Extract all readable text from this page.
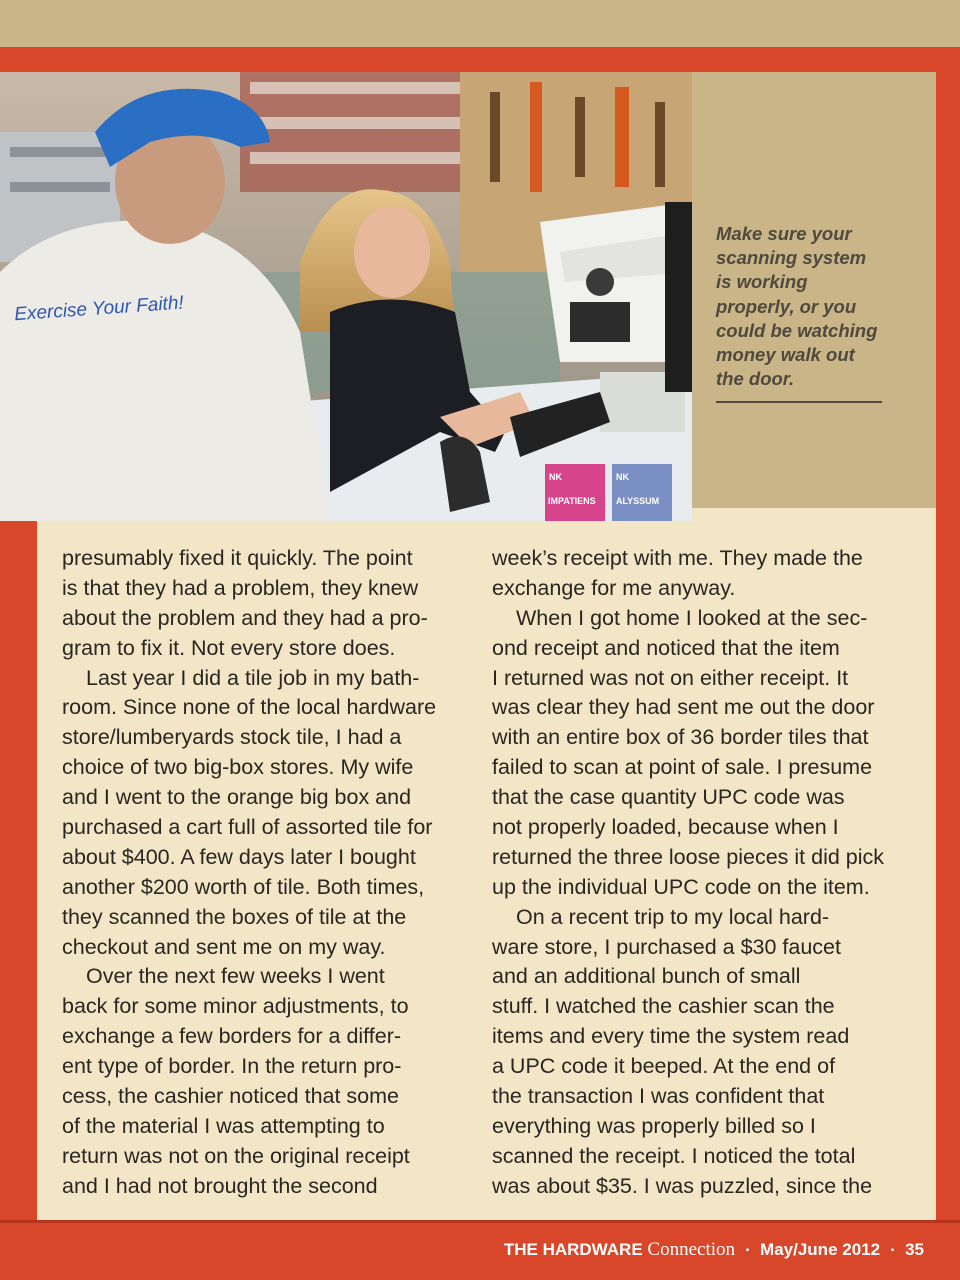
NK	NK
IMPATIENS ALYSSUM
Exercise Your Faith!
Make sure your
scanning system
is working
properly, or you
could be watching
money walk out
the door.
presumably fixed it quickly. The point
is that they had a problem, they knew
about the problem and they had a pro-
gram to fix it. Not every store does.
Last year I did a tile job in my bath-
room. Since none of the local hardware
store/lumberyards stock tile, I had a
choice of two big-box stores. My wife
and I went to the orange big box and
purchased a cart full of assorted tile for
about $400. A few days later I bought
another $200 worth of tile. Both times,
they scanned the boxes of tile at the
checkout and sent me on my way.
Over the next few weeks I went
back for some minor adjustments, to
exchange a few borders for a differ-
ent type of border. In the return pro-
cess, the cashier noticed that some
of the material I was attempting to
return was not on the original receipt
and I had not brought the second
week’s receipt with me. They made the
exchange for me anyway.
When I got home I looked at the sec-
ond receipt and noticed that the item
I returned was not on either receipt. It
was clear they had sent me out the door
with an entire box of 36 border tiles that
failed to scan at point of sale. I presume
that the case quantity UPC code was
not properly loaded, because when I
returned the three loose pieces it did pick
up the individual UPC code on the item.
On a recent trip to my local hard-
ware store, I purchased a $30 faucet
and an additional bunch of small
stuff. I watched the cashier scan the
items and every time the system read
a UPC code it beeped. At the end of
the transaction I was confident that
everything was properly billed so I
scanned the receipt. I noticed the total
was about $35. I was puzzled, since the
THE HARDWARE Connection ▪ May/June 2012 ▪ 35
